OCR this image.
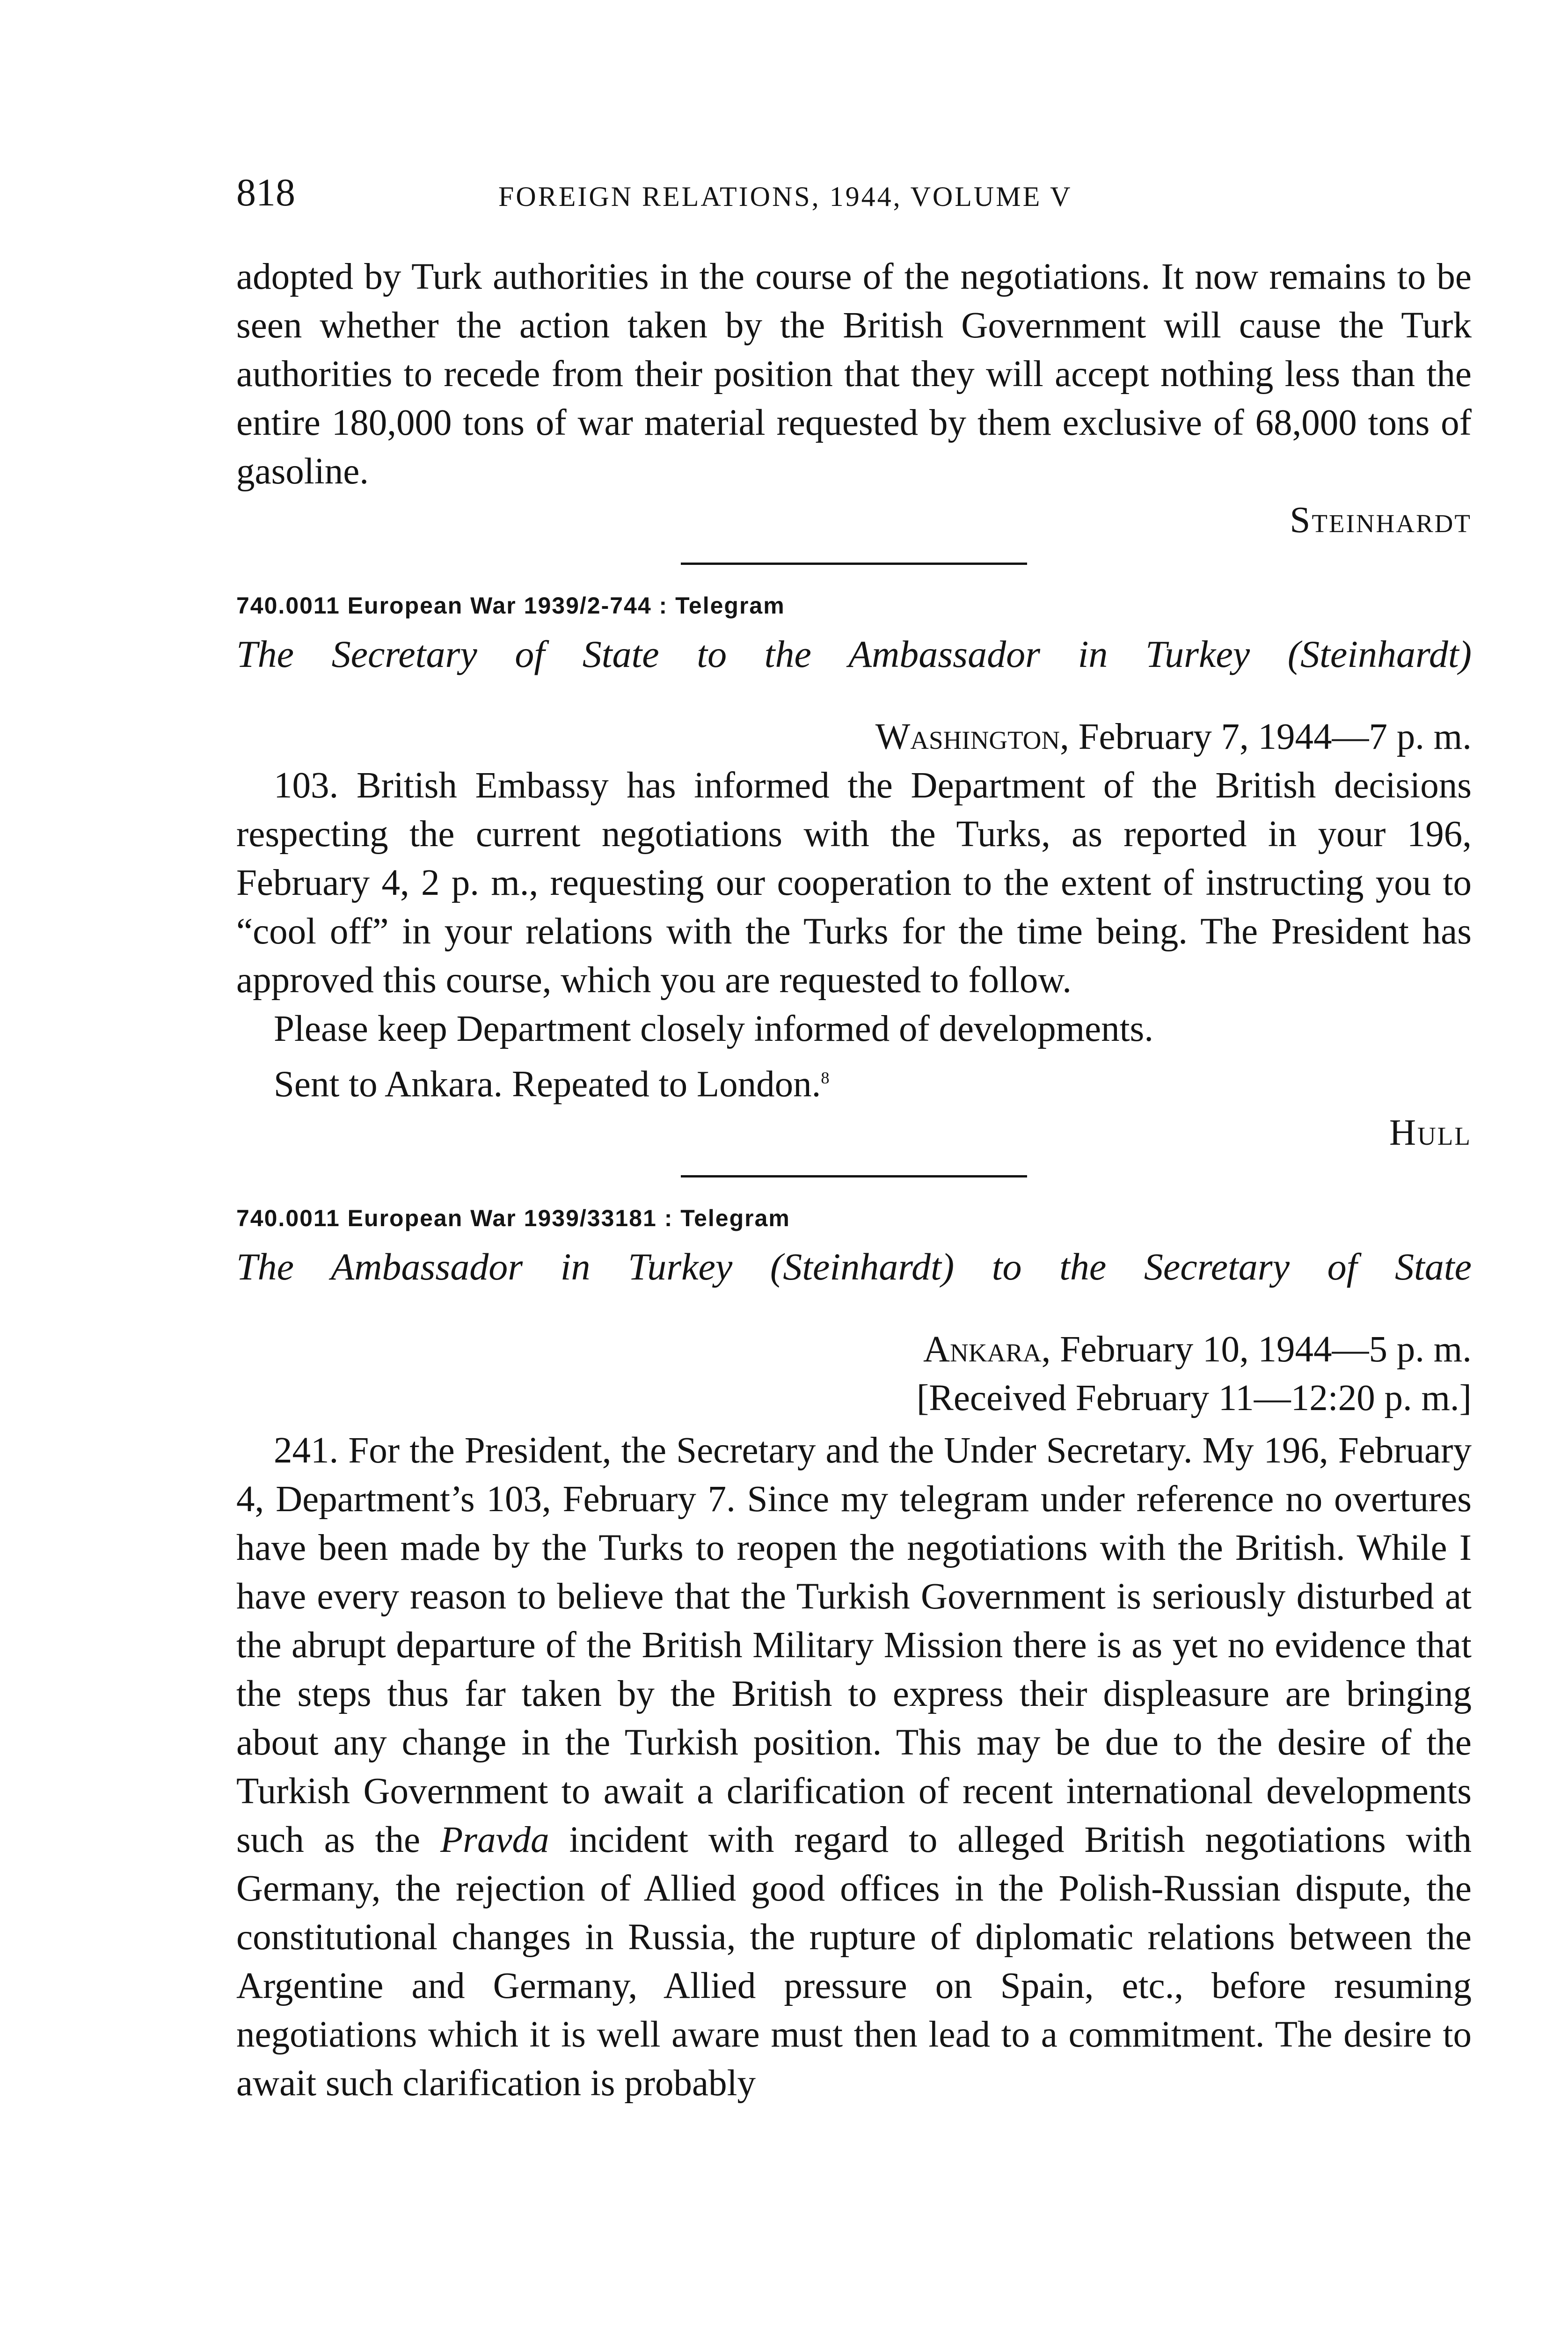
818	FOREIGN RELATIONS, 1944, VOLUME V

adopted by Turk authorities in the course of the negotiations. It now remains to be seen whether the action taken by the British Government will cause the Turk authorities to recede from their position that they will accept nothing less than the entire 180,000 tons of war material requested by them exclusive of 68,000 tons of gasoline.

Steinhardt

740.0011 European War 1939/2-744 : Telegram

The Secretary of State to the Ambassador in Turkey (Steinhardt)

Washington, February 7, 1944—7 p. m.

103. British Embassy has informed the Department of the British decisions respecting the current negotiations with the Turks, as reported in your 196, February 4, 2 p. m., requesting our cooperation to the extent of instructing you to “cool off” in your relations with the Turks for the time being. The President has approved this course, which you are requested to follow.

Please keep Department closely informed of developments.

Sent to Ankara. Repeated to London.$^8$

Hull

740.0011 European War 1939/33181 : Telegram

The Ambassador in Turkey (Steinhardt) to the Secretary of State

Ankara, February 10, 1944—5 p. m.

[Received February 11—12:20 p. m.]

241. For the President, the Secretary and the Under Secretary. My 196, February 4, Department’s 103, February 7. Since my telegram under reference no overtures have been made by the Turks to reopen the negotiations with the British. While I have every reason to believe that the Turkish Government is seriously disturbed at the abrupt departure of the British Military Mission there is as yet no evidence that the steps thus far taken by the British to express their displeasure are bringing about any change in the Turkish position. This may be due to the desire of the Turkish Government to await a clarification of recent international developments such as the Pravda incident with regard to alleged British negotiations with Germany, the rejection of Allied good offices in the Polish-Russian dispute, the constitutional changes in Russia, the rupture of diplomatic relations between the Argentine and Germany, Allied pressure on Spain, etc., before resuming negotiations which it is well aware must then lead to a commitment. The desire to await such clarification is probably
